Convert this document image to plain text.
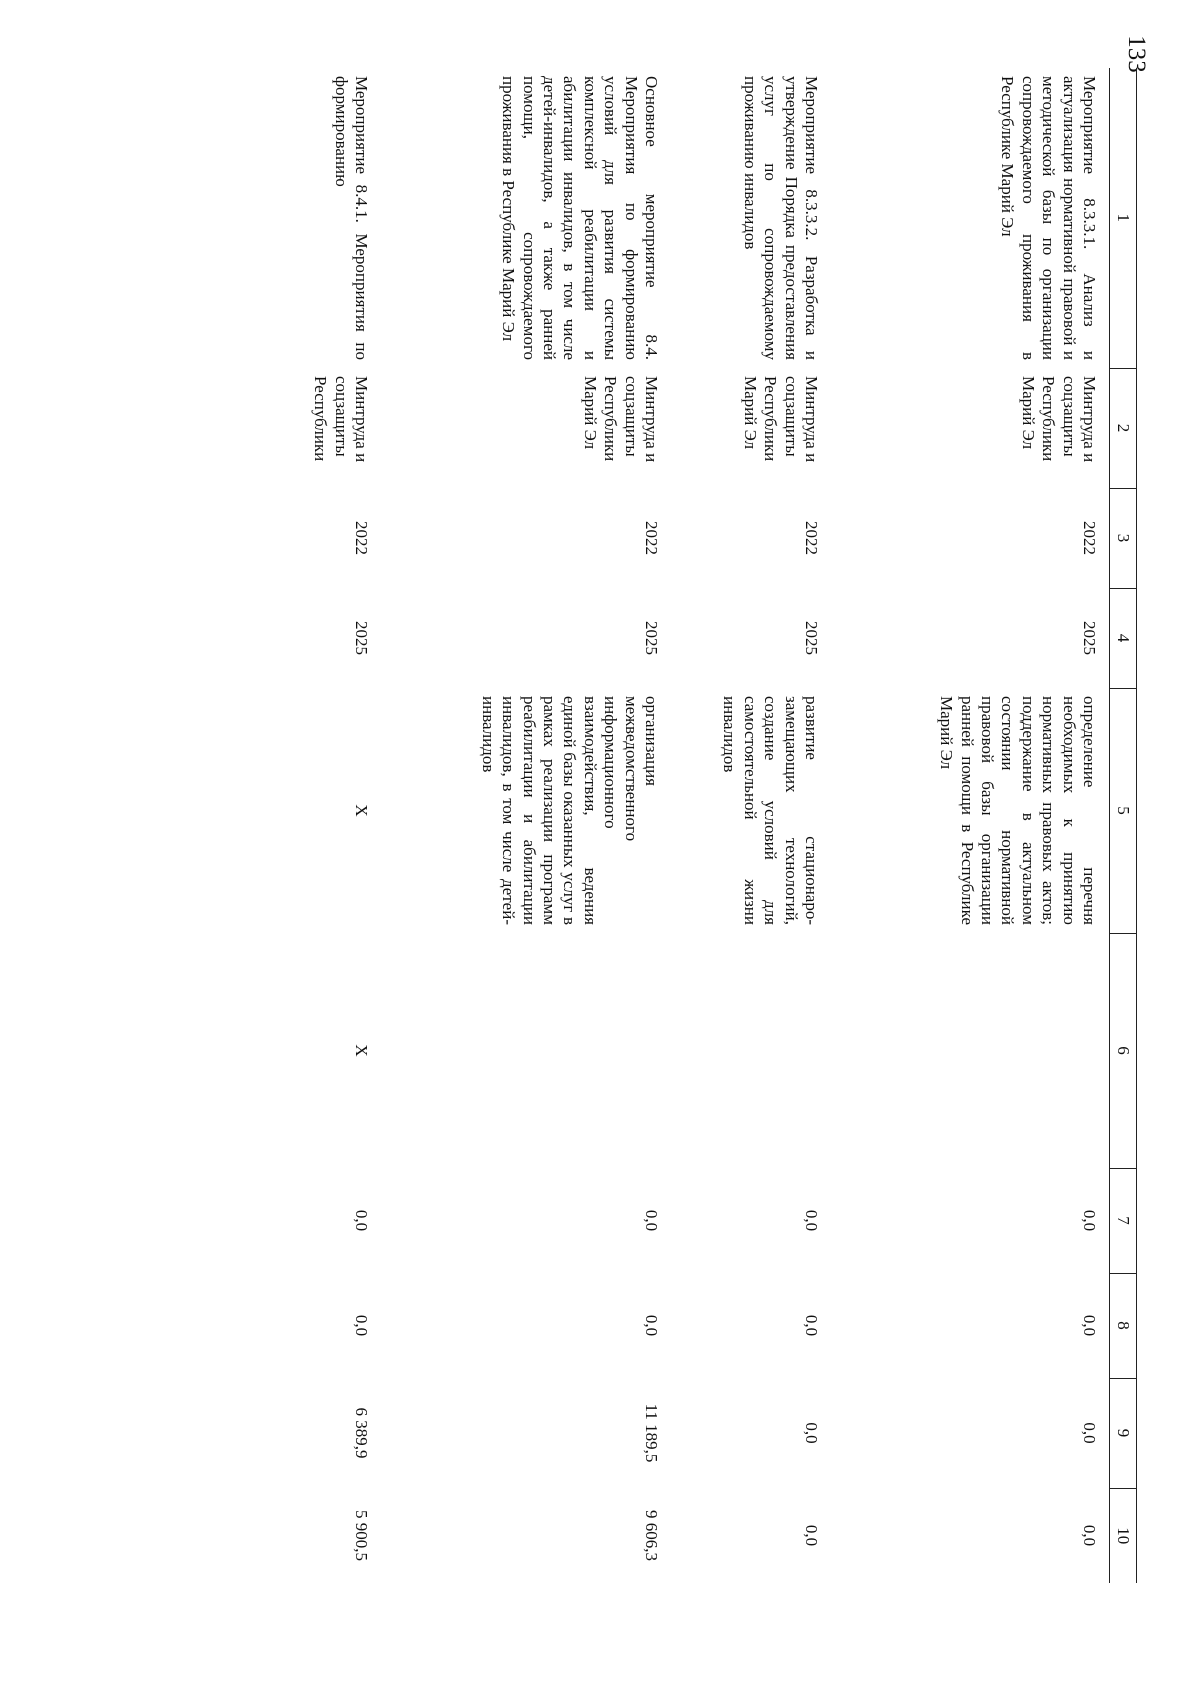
133
1	2	3	4	5	6	7	8	9	10
Мероприятие 8.3.3.1. Анализ и актуализация нормативной правовой и методической базы по организации сопровождаемого проживания в Республике Марий Эл	Минтруда и соцзащиты Республики Марий Эл	2022	2025	определение перечня необходимых к принятию нормативных правовых актов; поддержание в актуальном состоянии нормативной правовой базы организации ранней помощи в Республике Марий Эл		0,0	0,0	0,0	0,0
Мероприятие 8.3.3.2. Разработка и утверждение Порядка предоставления услуг по сопровождаемому проживанию инвалидов	Минтруда и соцзащиты Республики Марий Эл	2022	2025	развитие стационаро-замещающих технологий, создание условий для самостоятельной жизни инвалидов		0,0	0,0	0,0	0,0
Основное мероприятие 8.4. Мероприятия по формированию условий для развития системы комплексной реабилитации и абилитации инвалидов, в том числе детей-инвалидов, а также ранней помощи, сопровождаемого проживания в Республике Марий Эл	Минтруда и соцзащиты Республики Марий Эл	2022	2025	организация межведомственного информационного взаимодействия, ведения единой базы оказанных услуг в рамках реализации программ реабилитации и абилитации инвалидов, в том числе детей-инвалидов		0,0	0,0	11 189,5	9 606,3
Мероприятие 8.4.1. Мероприятия по формированию	Минтруда и соцзащиты Республики	2022	2025	Х	Х	0,0	0,0	6 389,9	5 900,5
